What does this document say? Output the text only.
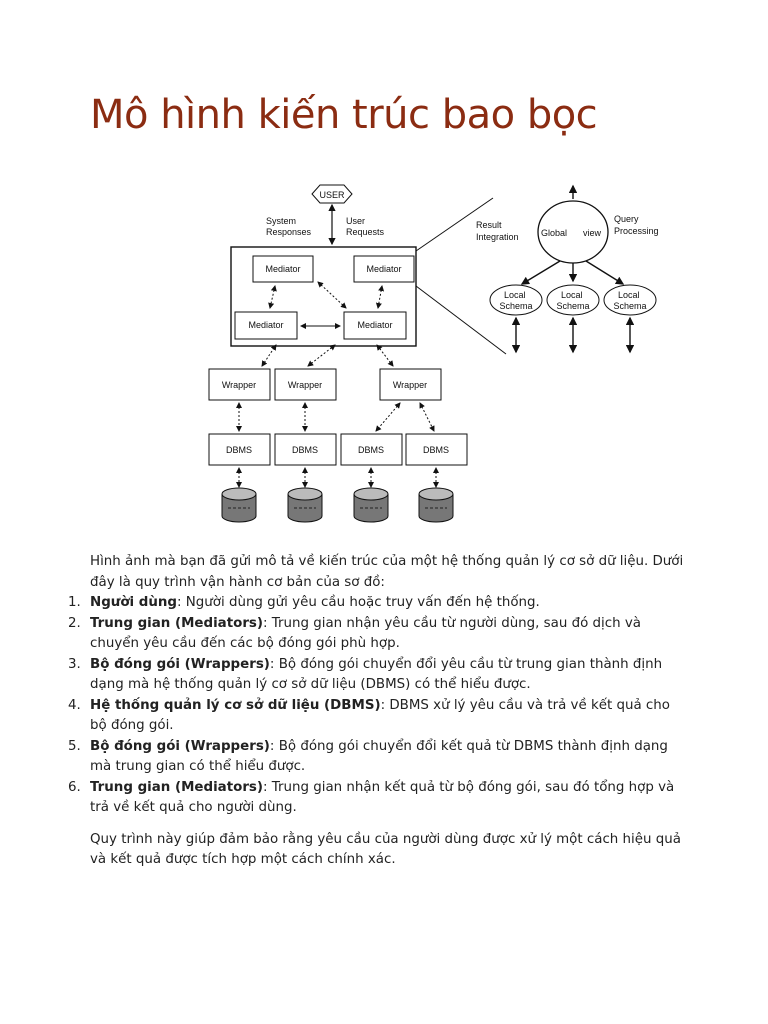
Mô hình kiến trúc bao bọc
USER
System Responses
User Requests
Mediator	Mediator
Mediator	Mediator
Wrapper	Wrapper	Wrapper
DBMS	DBMS	DBMS	DBMS
Global view
Result Integration
Query Processing
Local Schema
Local Schema
Local Schema

Hình ảnh mà bạn đã gửi mô tả về kiến trúc của một hệ thống quản lý cơ sở dữ liệu. Dưới đây là quy trình vận hành cơ bản của sơ đồ:

1. Người dùng: Người dùng gửi yêu cầu hoặc truy vấn đến hệ thống.
2. Trung gian (Mediators): Trung gian nhận yêu cầu từ người dùng, sau đó dịch và chuyển yêu cầu đến các bộ đóng gói phù hợp.
3. Bộ đóng gói (Wrappers): Bộ đóng gói chuyển đổi yêu cầu từ trung gian thành định dạng mà hệ thống quản lý cơ sở dữ liệu (DBMS) có thể hiểu được.
4. Hệ thống quản lý cơ sở dữ liệu (DBMS): DBMS xử lý yêu cầu và trả về kết quả cho bộ đóng gói.
5. Bộ đóng gói (Wrappers): Bộ đóng gói chuyển đổi kết quả từ DBMS thành định dạng mà trung gian có thể hiểu được.
6. Trung gian (Mediators): Trung gian nhận kết quả từ bộ đóng gói, sau đó tổng hợp và trả về kết quả cho người dùng.

Quy trình này giúp đảm bảo rằng yêu cầu của người dùng được xử lý một cách hiệu quả và kết quả được tích hợp một cách chính xác.
